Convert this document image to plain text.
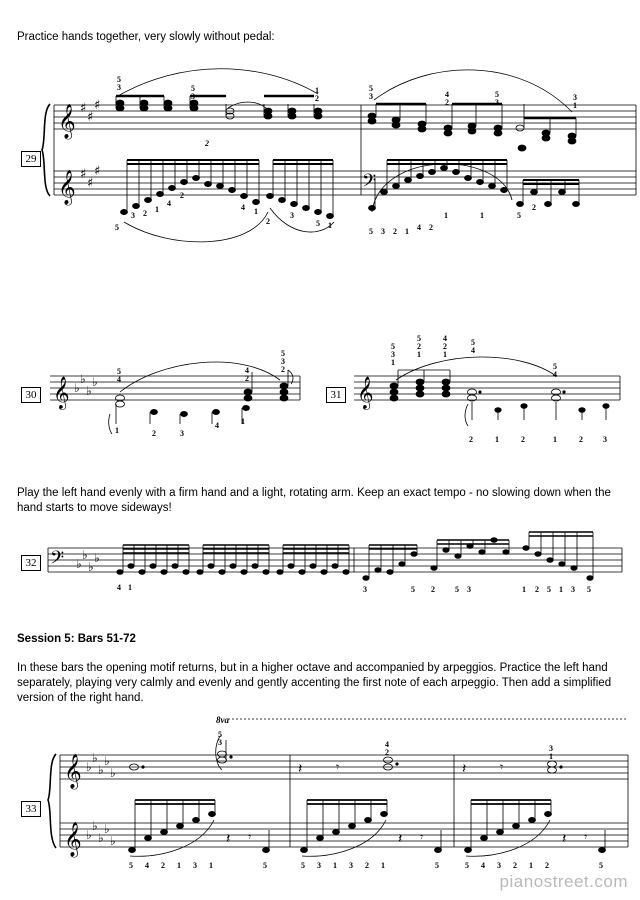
Practice hands together, very slowly without pedal:
29
30	31
32
33
Play the left hand evenly with a firm hand and a light, rotating arm. Keep an exact tempo - no slowing down when the hand starts to move sideways!
Session 5: Bars 51-72
In these bars the opening motif returns, but in a higher octave and accompanied by arpeggios. Practice the left hand separately, playing very calmly and evenly and gently accenting the first note of each arpeggio. Then add a simplified version of the right hand.
𝄞
𝄞	𝄢
♯
♯
♯
♯
♯
♯
5
3	5
3
2
1
2
5
3	4
2
5
3
3
1
5
3 2 1
4
2
4 1
2
3
5 1
5 3 2 1 4 2
1	1	5
2
𝄞 ♭
♭
♭
♭
5
4
4
2
5
3
2
1	2	3
4	1
𝄞
5
3
1
5
2
1
4
2
1
5
4
5
4
2	1	2	1	2	3
𝄢 ♭
♭
♭
♭
4 1	3	5 2	5 3	1 2 5 1 3 5
8va
𝄞
𝄞
♭
♭
♭
♭
♭
♭
♭
♭
♭
♭
𝄽	𝄾	𝄽	𝄾
𝄽 𝄾
5
3	4
2	3
1
5 4 2 1 3 1	5	5 3 1 3 2 1	5	5 4 3 2 1 2	5
pianostreet.com
